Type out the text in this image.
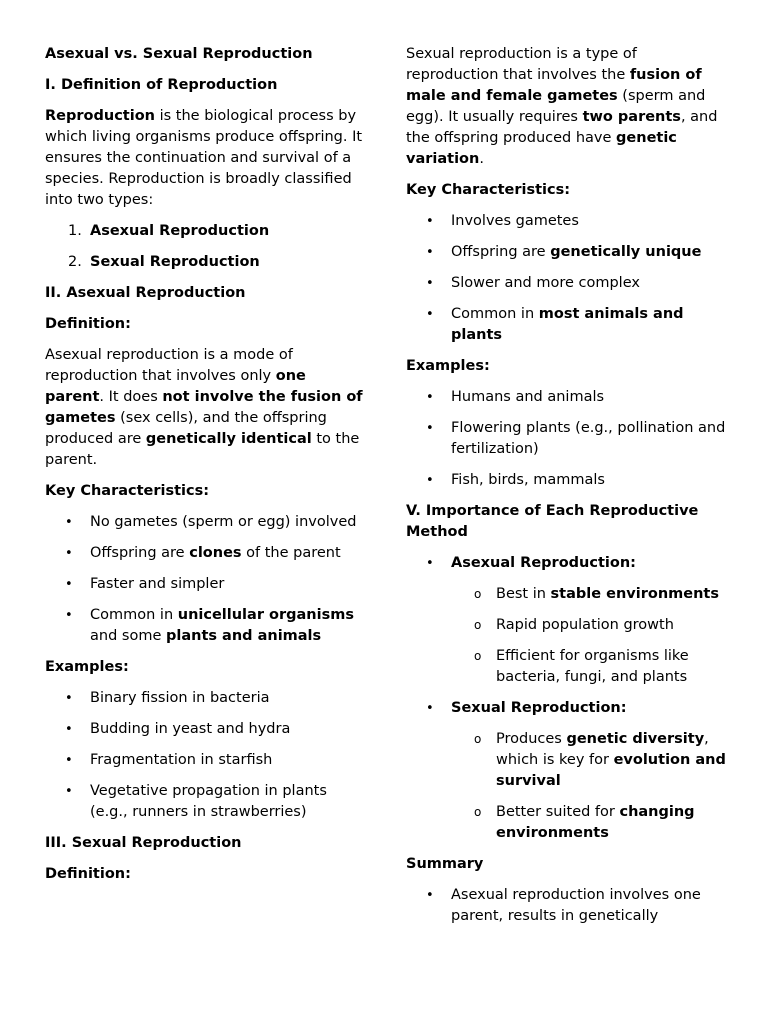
Asexual vs. Sexual Reproduction
I. Definition of Reproduction

Reproduction is the biological process by which living organisms produce offspring. It ensures the continuation and survival of a species. Reproduction is broadly classified into two types:

1. Asexual Reproduction
2. Sexual Reproduction
II. Asexual Reproduction

Definition:

Asexual reproduction is a mode of reproduction that involves only one parent. It does not involve the fusion of gametes (sex cells), and the offspring produced are genetically identical to the parent.

Key Characteristics:

• No gametes (sperm or egg) involved
• Offspring are clones of the parent
• Faster and simpler
• Common in unicellular organisms and some plants and animals

Examples:

• Binary fission in bacteria
• Budding in yeast and hydra
• Fragmentation in starfish
• Vegetative propagation in plants (e.g., runners in strawberries)
III. Sexual Reproduction

Definition:

Sexual reproduction is a type of reproduction that involves the fusion of male and female gametes (sperm and egg). It usually requires two parents, and the offspring produced have genetic variation.

Key Characteristics:

• Involves gametes
• Offspring are genetically unique
• Slower and more complex
• Common in most animals and plants

Examples:

• Humans and animals
• Flowering plants (e.g., pollination and fertilization)
• Fish, birds, mammals
V. Importance of Each Reproductive Method
• Asexual Reproduction:
o Best in stable environments
o Rapid population growth
o Efficient for organisms like bacteria, fungi, and plants
• Sexual Reproduction:
o Produces genetic diversity, which is key for evolution and survival
o Better suited for changing environments
Summary
• Asexual reproduction involves one parent, results in genetically
